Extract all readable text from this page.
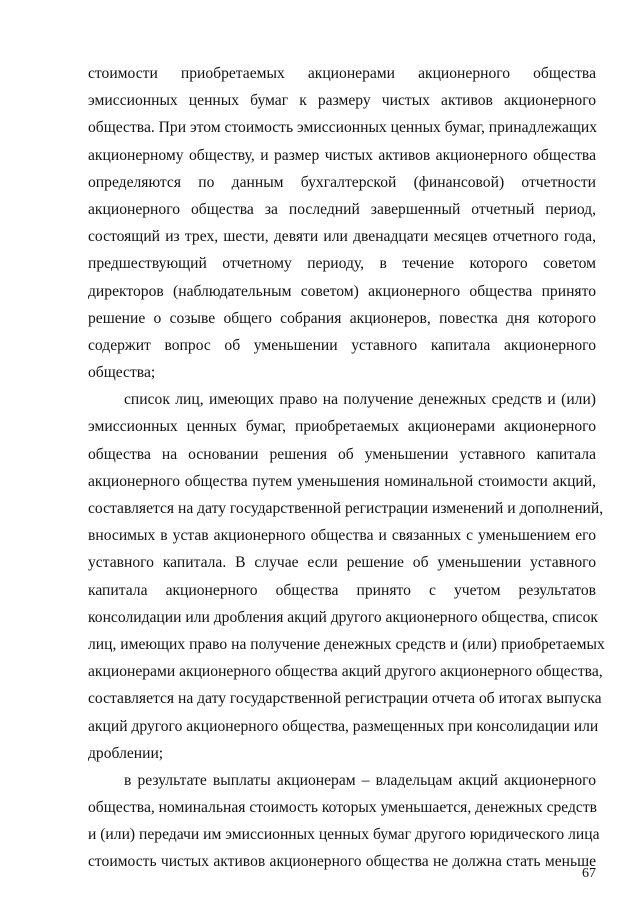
стоимости приобретаемых акционерами акционерного общества
эмиссионных ценных бумаг к размеру чистых активов акционерного
общества. При этом стоимость эмиссионных ценных бумаг, принадлежащих
акционерному обществу, и размер чистых активов акционерного общества
определяются по данным бухгалтерской (финансовой) отчетности
акционерного общества за последний завершенный отчетный период,
состоящий из трех, шести, девяти или двенадцати месяцев отчетного года,
предшествующий отчетному периоду, в течение которого советом
директоров (наблюдательным советом) акционерного общества принято
решение о созыве общего собрания акционеров, повестка дня которого
содержит вопрос об уменьшении уставного капитала акционерного
общества;
список лиц, имеющих право на получение денежных средств и (или)
эмиссионных ценных бумаг, приобретаемых акционерами акционерного
общества на основании решения об уменьшении уставного капитала
акционерного общества путем уменьшения номинальной стоимости акций,
составляется на дату государственной регистрации изменений и дополнений,
вносимых в устав акционерного общества и связанных с уменьшением его
уставного капитала. В случае если решение об уменьшении уставного
капитала акционерного общества принято с учетом результатов
консолидации или дробления акций другого акционерного общества, список
лиц, имеющих право на получение денежных средств и (или) приобретаемых
акционерами акционерного общества акций другого акционерного общества,
составляется на дату государственной регистрации отчета об итогах выпуска
акций другого акционерного общества, размещенных при консолидации или
дроблении;
в результате выплаты акционерам – владельцам акций акционерного
общества, номинальная стоимость которых уменьшается, денежных средств
и (или) передачи им эмиссионных ценных бумаг другого юридического лица
стоимость чистых активов акционерного общества не должна стать меньше
67
